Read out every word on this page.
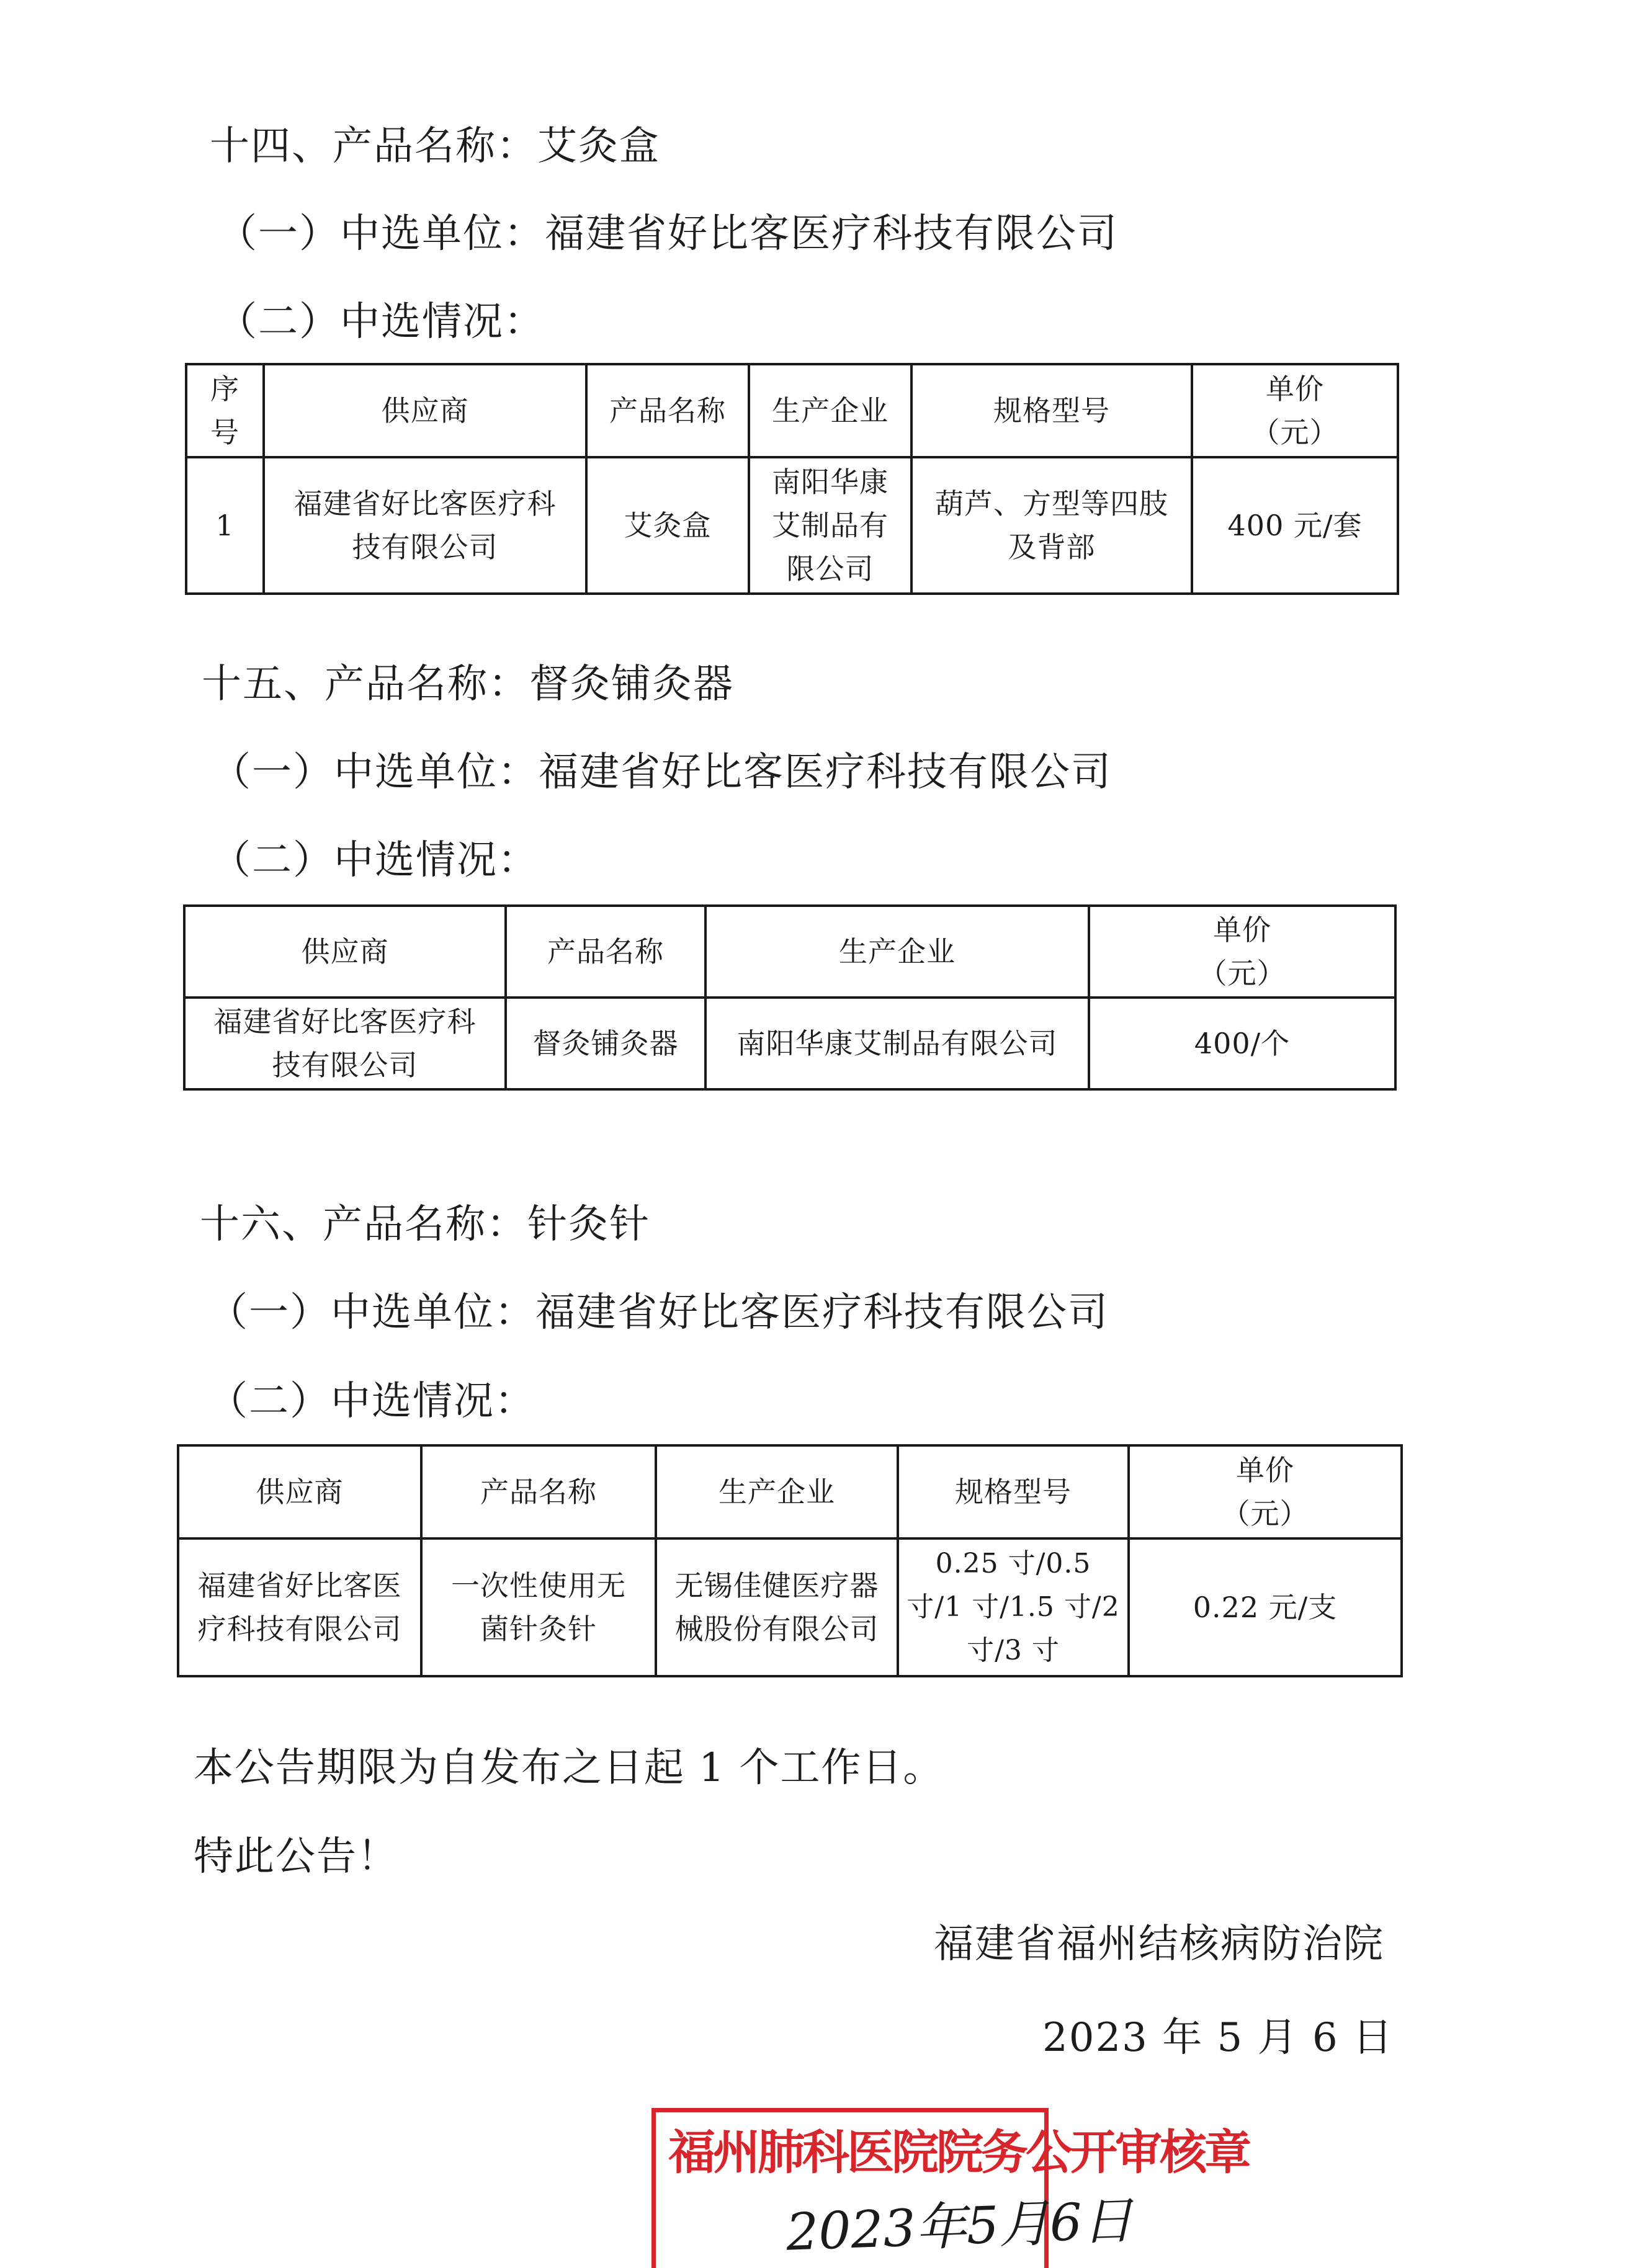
十四、产品名称：艾灸盒
（一）中选单位：福建省好比客医疗科技有限公司
（二）中选情况：
序号	供应商	产品名称	生产企业	规格型号	单价（元）
1	福建省好比客医疗科技有限公司	艾灸盒	南阳华康艾制品有限公司	葫芦、方型等四肢及背部	400 元/套
十五、产品名称：督灸铺灸器
（一）中选单位：福建省好比客医疗科技有限公司
（二）中选情况：
供应商	产品名称	生产企业	单价（元）
福建省好比客医疗科技有限公司	督灸铺灸器	南阳华康艾制品有限公司	400/个
十六、产品名称：针灸针
（一）中选单位：福建省好比客医疗科技有限公司
（二）中选情况：
供应商	产品名称	生产企业	规格型号	单价（元）
福建省好比客医疗科技有限公司	一次性使用无菌针灸针	无锡佳健医疗器械股份有限公司	0.25 寸/0.5 寸/1 寸/1.5 寸/2 寸/3 寸	0.22 元/支
本公告期限为自发布之日起 1 个工作日。
特此公告！
福建省福州结核病防治院
2023 年 5 月 6 日
福州肺科医院院务公开审核章
2023年5月6日
